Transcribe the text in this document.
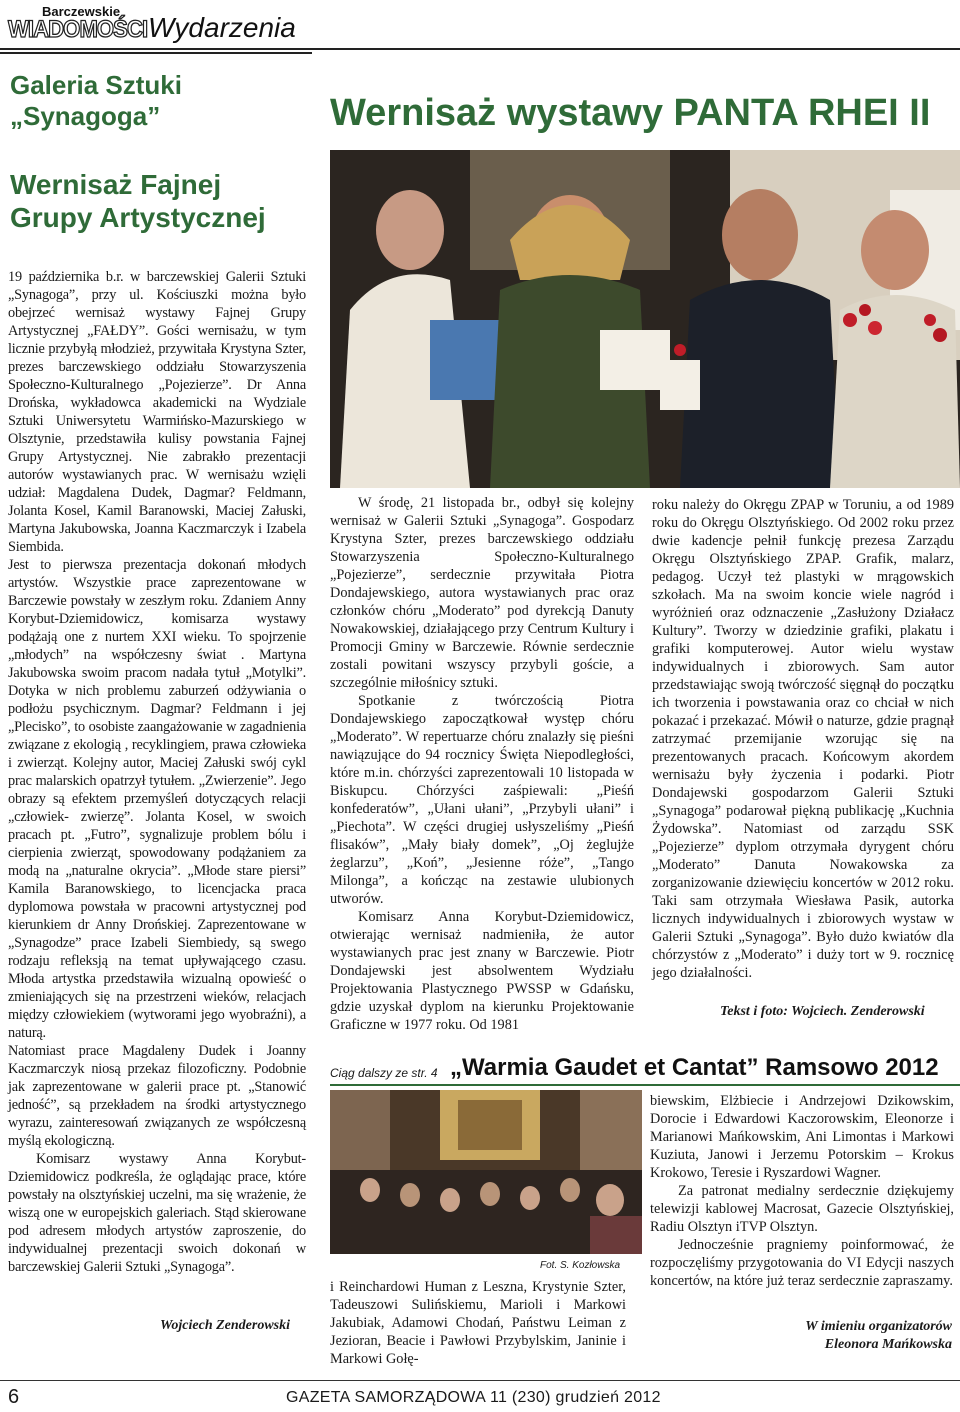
Barczewskie
WIADOMOŚCI Wydarzenia
Galeria Sztuki „Synagoga”
Wernisaż Fajnej Grupy Artystycznej

19 października b.r. w barczewskiej Galerii Sztuki „Synagoga”, przy ul. Kościuszki można było obejrzeć wernisaż wystawy Fajnej Grupy Artystycznej „FAŁDY”. Gości wernisażu, w tym licznie przybyłą młodzież, przywitała Krystyna Szter, prezes barczewskiego oddziału Stowarzyszenia Społeczno-Kulturalnego „Pojezierze”. Dr Anna Drońska, wykładowca akademicki na Wydziale Sztuki Uniwersytetu Warmińsko-Mazurskiego w Olsztynie, przedstawiła kulisy powstania Fajnej Grupy Artystycznej. Nie zabrakło prezentacji autorów wystawianych prac. W wernisażu wzięli udział: Magdalena Dudek, Dagmar? Feldmann, Jolanta Kosel, Kamil Baranowski, Maciej Załuski, Martyna Jakubowska, Joanna Kaczmarczyk i Izabela Siembida.

Jest to pierwsza prezentacja dokonań młodych artystów. Wszystkie prace zaprezentowane w Barczewie powstały w zeszłym roku. Zdaniem Anny Korybut-Dziemidowicz, komisarza wystawy podążają one z nurtem XXI wieku. To spojrzenie „młodych” na współczesny świat . Martyna Jakubowska swoim pracom nadała tytuł „Motylki”. Dotyka w nich problemu zaburzeń odżywiania o podłożu psychicznym. Dagmar? Feldmann i jej „Plecisko”, to osobiste zaangażowanie w zagadnienia związane z ekologią , recyklingiem, prawa człowieka i zwierząt. Kolejny autor, Maciej Załuski swój cykl prac malarskich opatrzył tytułem. „Zwierzenie”. Jego obrazy są efektem przemyśleń dotyczących relacji „człowiek- zwierzę”. Jolanta Kosel, w swoich pracach pt. „Futro”, sygnalizuje problem bólu i cierpienia zwierząt, spowodowany podążaniem za modą na „naturalne okrycia”. „Młode stare piersi” Kamila Baranowskiego, to licencjacka praca dyplomowa powstała w pracowni artystycznej pod kierunkiem dr Anny Drońskiej. Zaprezentowane w „Synagodze” prace Izabeli Siembiedy, są swego rodzaju refleksją na temat upływającego czasu. Młoda artystka przedstawiła wizualną opowieść o zmieniających się na przestrzeni wieków, relacjach między człowiekiem (wytworami jego wyobraźni), a naturą.

Natomiast prace Magdaleny Dudek i Joanny Kaczmarczyk niosą przekaz filozoficzny. Podobnie jak zaprezentowane w galerii prace pt. „Stanowić jedność”, są przekładem na środki artystycznego wyrazu, zainteresowań związanych ze współczesną myślą ekologiczną.

Komisarz wystawy Anna Korybut-Dziemidowicz podkreśla, że oglądając prace, które powstały na olsztyńskiej uczelni, ma się wrażenie, że wiszą one w europejskich galeriach. Stąd skierowane pod adresem młodych artystów zaproszenie, do indywidualnej prezentacji swoich dokonań w barczewskiej Galerii Sztuki „Synagoga”.

Wojciech Zenderowski
Wernisaż wystawy PANTA RHEI II

W środę, 21 listopada br., odbył się kolejny wernisaż w Galerii Sztuki „Synagoga”. Gospodarz Krystyna Szter, prezes barczewskiego oddziału Stowarzyszenia Społeczno-Kulturalnego „Pojezierze”, serdecznie przywitała Piotra Dondajewskiego, autora wystawianych prac oraz członków chóru „Moderato” pod dyrekcją Danuty Nowakowskiej, działającego przy Centrum Kultury i Promocji Gminy w Barczewie. Równie serdecznie zostali powitani wszyscy przybyli goście, a szczególnie miłośnicy sztuki.

Spotkanie z twórczością Piotra Dondajewskiego zapoczątkował występ chóru „Moderato”. W repertuarze chóru znalazły się pieśni nawiązujące do 94 rocznicy Święta Niepodległości, które m.in. chórzyści zaprezentowali 10 listopada w Biskupcu. Chórzyści zaśpiewali: „Pieśń konfederatów”, „Ułani ułani”, „Przybyli ułani” i „Piechota”. W części drugiej usłyszeliśmy „Pieśń flisaków”, „Mały biały domek”, „Oj żeglujże żeglarzu”, „Koń”, „Jesienne róże”, „Tango Milonga”, a kończąc na zestawie ulubionych utworów.

Komisarz Anna Korybut-Dziemidowicz, otwierając wernisaż nadmieniła, że autor wystawianych prac jest znany w Barczewie. Piotr Dondajewski jest absolwentem Wydziału Projektowania Plastycznego PWSSP w Gdańsku, gdzie uzyskał dyplom na kierunku Projektowanie Graficzne w 1977 roku. Od 1981

roku należy do Okręgu ZPAP w Toruniu, a od 1989 roku do Okręgu Olsztyńskiego. Od 2002 roku przez dwie kadencje pełnił funkcję prezesa Zarządu Okręgu Olsztyńskiego ZPAP. Grafik, malarz, pedagog. Uczył też plastyki w mrągowskich szkołach. Ma na swoim koncie wiele nagród i wyróżnień oraz odznaczenie „Zasłużony Działacz Kultury”. Tworzy w dziedzinie grafiki, plakatu i grafiki komputerowej. Autor wielu wystaw indywidualnych i zbiorowych. Sam autor przedstawiając swoją twórczość sięgnął do początku ich tworzenia i powstawania oraz co chciał w nich pokazać i przekazać. Mówił o naturze, gdzie pragnął zatrzymać przemijanie wzorując się na prezentowanych pracach. Końcowym akordem wernisażu były życzenia i podarki. Piotr Dondajewski gospodarzom Galerii Sztuki „Synagoga” podarował piękną publikację „Kuchnia Żydowska”. Natomiast od zarządu SSK „Pojezierze” dyplom otrzymała dyrygent chóru „Moderato” Danuta Nowakowska za zorganizowanie dziewięciu koncertów w 2012 roku. Taki sam otrzymała Wiesława Pasik, autorka licznych indywidualnych i zbiorowych wystaw w Galerii Sztuki „Synagoga”. Było dużo kwiatów dla chórzystów z „Moderato” i duży tort w 9. rocznicę jego działalności.

Tekst i foto: Wojciech. Zenderowski
Ciąg dalszy ze str. 4 „Warmia Gaudet et Cantat” Ramsowo 2012
Fot. S. Kozłowska

i Reinchardowi Human z Leszna, Krystynie Szter, Tadeuszowi Sulińskiemu, Marioli i Markowi Jakubiak, Adamowi Chodań, Państwu Leiman z Jezioran, Beacie i Pawłowi Przybylskim, Janinie i Markowi Gołę-

biewskim, Elżbiecie i Andrzejowi Dzikowskim, Dorocie i Edwardowi Kaczorowskim, Eleonorze i Marianowi Mańkowskim, Ani Limontas i Markowi Kuziuta, Janowi i Jerzemu Potorskim – Krokus Krokowo, Teresie i Ryszardowi Wagner.

Za patronat medialny serdecznie dziękujemy telewizji kablowej Macrosat, Gazecie Olsztyńskiej, Radiu Olsztyn iTVP Olsztyn.

Jednocześnie pragniemy poinformować, że rozpoczęliśmy przygotowania do VI Edycji naszych koncertów, na które już teraz serdecznie zapraszamy.

W imieniu organizatorów
Eleonora Mańkowska
6	GAZETA SAMORZĄDOWA 11 (230) grudzień 2012
